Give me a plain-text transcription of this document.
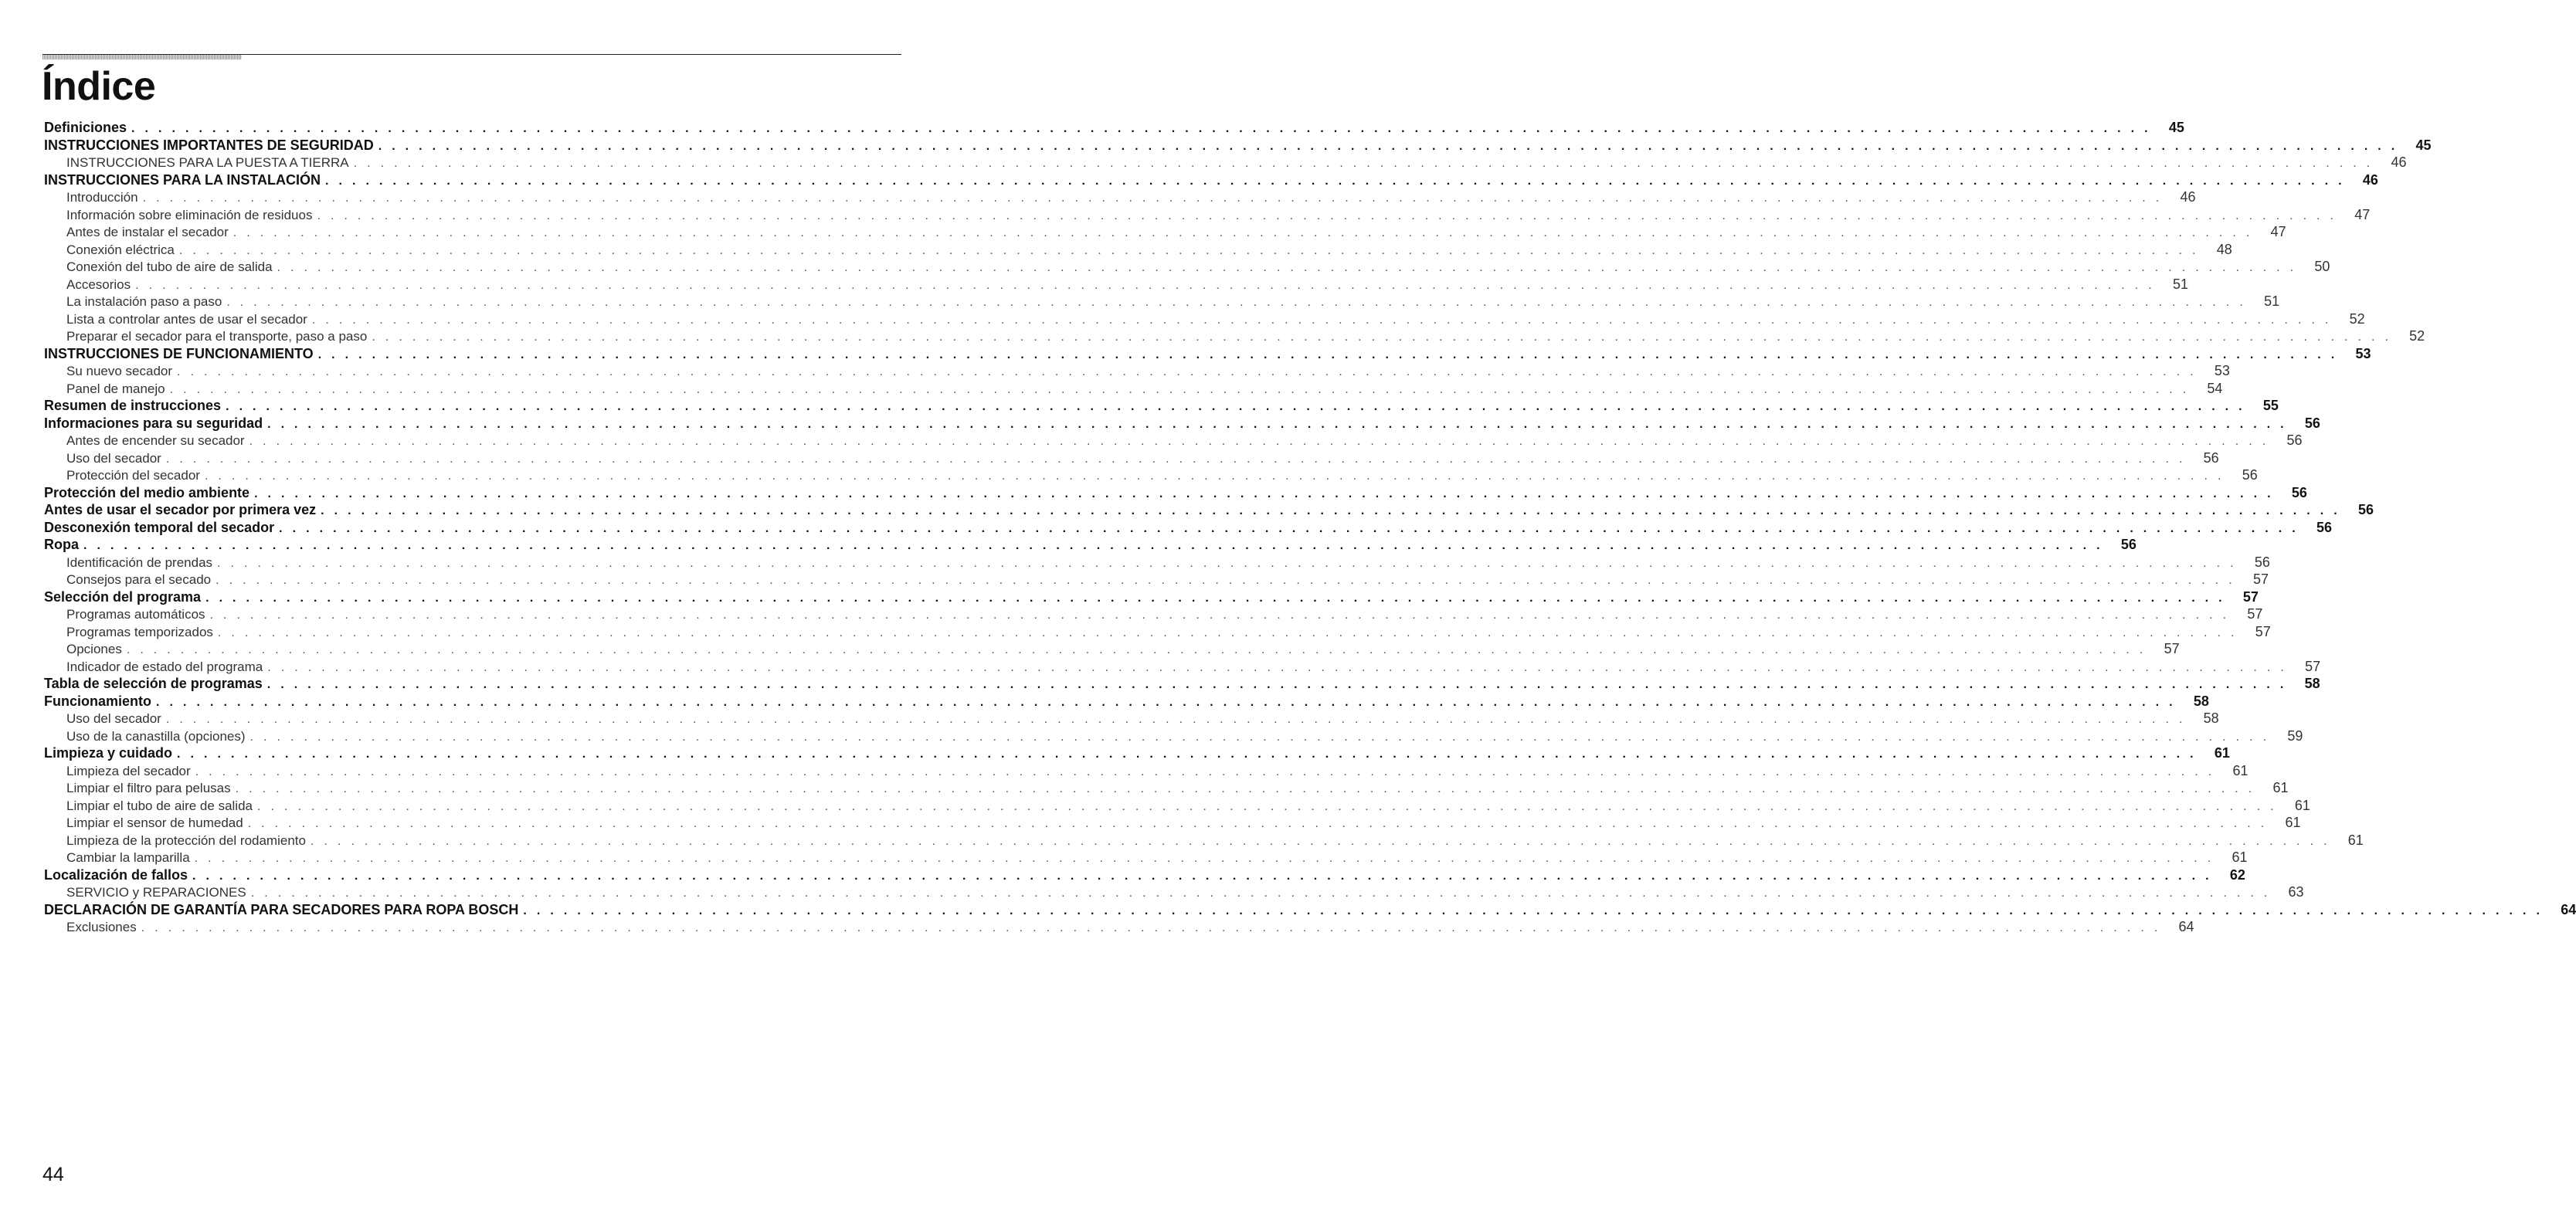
Índice
Definiciones . . . . . . . . . . . . . . . . . . . . . . . . . . . . . . . . . . . . . . . . . . . . . . . . . . . . . . . . . . . . . . . . . . . . . . . . . . . . . . . . . . . . . . . . . . . . . . . . . . . . . . . . . . . . . . . . . . . . . . . . . . . . . . . . . . . . . . . . . . . . . . . . . . . . . .	45
INSTRUCCIONES IMPORTANTES DE SEGURIDAD . . . . . . . . . . . . . . . . . . . . . . . . . . . . . . . . . . . . . . . . . . . . . . . . . . . . . . . . . . . . . . . . . . . . . . . . . . . . . . . . . . . . . . . . . . . . . . . . . . . . . . . . . . . . . . . . . . . . . . . . . . . . . . . . . . . . . . . . . . . . . . . . . . . . . .	45
INSTRUCCIONES PARA LA PUESTA A TIERRA . . . . . . . . . . . . . . . . . . . . . . . . . . . . . . . . . . . . . . . . . . . . . . . . . . . . . . . . . . . . . . . . . . . . . . . . . . . . . . . . . . . . . . . . . . . . . . . . . . . . . . . . . . . . . . . . . . . . . . . . . . . . . . . . . . . . . . . . . . . . . . . . . . . . . .	46
INSTRUCCIONES PARA LA INSTALACIÓN . . . . . . . . . . . . . . . . . . . . . . . . . . . . . . . . . . . . . . . . . . . . . . . . . . . . . . . . . . . . . . . . . . . . . . . . . . . . . . . . . . . . . . . . . . . . . . . . . . . . . . . . . . . . . . . . . . . . . . . . . . . . . . . . . . . . . . . . . . . . . . . . . . . . . .	46
Introducción . . . . . . . . . . . . . . . . . . . . . . . . . . . . . . . . . . . . . . . . . . . . . . . . . . . . . . . . . . . . . . . . . . . . . . . . . . . . . . . . . . . . . . . . . . . . . . . . . . . . . . . . . . . . . . . . . . . . . . . . . . . . . . . . . . . . . . . . . . . . . . . . . . . . . .	46
Información sobre eliminación de residuos . . . . . . . . . . . . . . . . . . . . . . . . . . . . . . . . . . . . . . . . . . . . . . . . . . . . . . . . . . . . . . . . . . . . . . . . . . . . . . . . . . . . . . . . . . . . . . . . . . . . . . . . . . . . . . . . . . . . . . . . . . . . . . . . . . . . . . . . . . . . . . . . . . . . . .	47
Antes de instalar el secador . . . . . . . . . . . . . . . . . . . . . . . . . . . . . . . . . . . . . . . . . . . . . . . . . . . . . . . . . . . . . . . . . . . . . . . . . . . . . . . . . . . . . . . . . . . . . . . . . . . . . . . . . . . . . . . . . . . . . . . . . . . . . . . . . . . . . . . . . . . . . . . . . . . . . .	47
Conexión eléctrica . . . . . . . . . . . . . . . . . . . . . . . . . . . . . . . . . . . . . . . . . . . . . . . . . . . . . . . . . . . . . . . . . . . . . . . . . . . . . . . . . . . . . . . . . . . . . . . . . . . . . . . . . . . . . . . . . . . . . . . . . . . . . . . . . . . . . . . . . . . . . . . . . . . . . .	48
Conexión del tubo de aire de salida . . . . . . . . . . . . . . . . . . . . . . . . . . . . . . . . . . . . . . . . . . . . . . . . . . . . . . . . . . . . . . . . . . . . . . . . . . . . . . . . . . . . . . . . . . . . . . . . . . . . . . . . . . . . . . . . . . . . . . . . . . . . . . . . . . . . . . . . . . . . . . . . . . . . . .	50
Accesorios . . . . . . . . . . . . . . . . . . . . . . . . . . . . . . . . . . . . . . . . . . . . . . . . . . . . . . . . . . . . . . . . . . . . . . . . . . . . . . . . . . . . . . . . . . . . . . . . . . . . . . . . . . . . . . . . . . . . . . . . . . . . . . . . . . . . . . . . . . . . . . . . . . . . . .	51
La instalación paso a paso . . . . . . . . . . . . . . . . . . . . . . . . . . . . . . . . . . . . . . . . . . . . . . . . . . . . . . . . . . . . . . . . . . . . . . . . . . . . . . . . . . . . . . . . . . . . . . . . . . . . . . . . . . . . . . . . . . . . . . . . . . . . . . . . . . . . . . . . . . . . . . . . . . . . . .	51
Lista a controlar antes de usar el secador . . . . . . . . . . . . . . . . . . . . . . . . . . . . . . . . . . . . . . . . . . . . . . . . . . . . . . . . . . . . . . . . . . . . . . . . . . . . . . . . . . . . . . . . . . . . . . . . . . . . . . . . . . . . . . . . . . . . . . . . . . . . . . . . . . . . . . . . . . . . . . . . . . . . . .	52
Preparar el secador para el transporte, paso a paso . . . . . . . . . . . . . . . . . . . . . . . . . . . . . . . . . . . . . . . . . . . . . . . . . . . . . . . . . . . . . . . . . . . . . . . . . . . . . . . . . . . . . . . . . . . . . . . . . . . . . . . . . . . . . . . . . . . . . . . . . . . . . . . . . . . . . . . . . . . . . . . . . . . . . .	52
INSTRUCCIONES DE FUNCIONAMIENTO . . . . . . . . . . . . . . . . . . . . . . . . . . . . . . . . . . . . . . . . . . . . . . . . . . . . . . . . . . . . . . . . . . . . . . . . . . . . . . . . . . . . . . . . . . . . . . . . . . . . . . . . . . . . . . . . . . . . . . . . . . . . . . . . . . . . . . . . . . . . . . . . . . . . . .	53
Su nuevo secador . . . . . . . . . . . . . . . . . . . . . . . . . . . . . . . . . . . . . . . . . . . . . . . . . . . . . . . . . . . . . . . . . . . . . . . . . . . . . . . . . . . . . . . . . . . . . . . . . . . . . . . . . . . . . . . . . . . . . . . . . . . . . . . . . . . . . . . . . . . . . . . . . . . . . .	53
Panel de manejo . . . . . . . . . . . . . . . . . . . . . . . . . . . . . . . . . . . . . . . . . . . . . . . . . . . . . . . . . . . . . . . . . . . . . . . . . . . . . . . . . . . . . . . . . . . . . . . . . . . . . . . . . . . . . . . . . . . . . . . . . . . . . . . . . . . . . . . . . . . . . . . . . . . . . .	54
Resumen de instrucciones . . . . . . . . . . . . . . . . . . . . . . . . . . . . . . . . . . . . . . . . . . . . . . . . . . . . . . . . . . . . . . . . . . . . . . . . . . . . . . . . . . . . . . . . . . . . . . . . . . . . . . . . . . . . . . . . . . . . . . . . . . . . . . . . . . . . . . . . . . . . . . . . . . . . . .	55
Informaciones para su seguridad . . . . . . . . . . . . . . . . . . . . . . . . . . . . . . . . . . . . . . . . . . . . . . . . . . . . . . . . . . . . . . . . . . . . . . . . . . . . . . . . . . . . . . . . . . . . . . . . . . . . . . . . . . . . . . . . . . . . . . . . . . . . . . . . . . . . . . . . . . . . . . . . . . . . . .	56
Antes de encender su secador . . . . . . . . . . . . . . . . . . . . . . . . . . . . . . . . . . . . . . . . . . . . . . . . . . . . . . . . . . . . . . . . . . . . . . . . . . . . . . . . . . . . . . . . . . . . . . . . . . . . . . . . . . . . . . . . . . . . . . . . . . . . . . . . . . . . . . . . . . . . . . . . . . . . . .	56
Uso del secador . . . . . . . . . . . . . . . . . . . . . . . . . . . . . . . . . . . . . . . . . . . . . . . . . . . . . . . . . . . . . . . . . . . . . . . . . . . . . . . . . . . . . . . . . . . . . . . . . . . . . . . . . . . . . . . . . . . . . . . . . . . . . . . . . . . . . . . . . . . . . . . . . . . . . .	56
Protección del secador . . . . . . . . . . . . . . . . . . . . . . . . . . . . . . . . . . . . . . . . . . . . . . . . . . . . . . . . . . . . . . . . . . . . . . . . . . . . . . . . . . . . . . . . . . . . . . . . . . . . . . . . . . . . . . . . . . . . . . . . . . . . . . . . . . . . . . . . . . . . . . . . . . . . . .	56
Protección del medio ambiente . . . . . . . . . . . . . . . . . . . . . . . . . . . . . . . . . . . . . . . . . . . . . . . . . . . . . . . . . . . . . . . . . . . . . . . . . . . . . . . . . . . . . . . . . . . . . . . . . . . . . . . . . . . . . . . . . . . . . . . . . . . . . . . . . . . . . . . . . . . . . . . . . . . . . .	56
Antes de usar el secador por primera vez . . . . . . . . . . . . . . . . . . . . . . . . . . . . . . . . . . . . . . . . . . . . . . . . . . . . . . . . . . . . . . . . . . . . . . . . . . . . . . . . . . . . . . . . . . . . . . . . . . . . . . . . . . . . . . . . . . . . . . . . . . . . . . . . . . . . . . . . . . . . . . . . . . . . . .	56
Desconexión temporal del secador . . . . . . . . . . . . . . . . . . . . . . . . . . . . . . . . . . . . . . . . . . . . . . . . . . . . . . . . . . . . . . . . . . . . . . . . . . . . . . . . . . . . . . . . . . . . . . . . . . . . . . . . . . . . . . . . . . . . . . . . . . . . . . . . . . . . . . . . . . . . . . . . . . . . . .	56
Ropa . . . . . . . . . . . . . . . . . . . . . . . . . . . . . . . . . . . . . . . . . . . . . . . . . . . . . . . . . . . . . . . . . . . . . . . . . . . . . . . . . . . . . . . . . . . . . . . . . . . . . . . . . . . . . . . . . . . . . . . . . . . . . . . . . . . . . . . . . . . . . . . . . . . . . .	56
Identificación de prendas . . . . . . . . . . . . . . . . . . . . . . . . . . . . . . . . . . . . . . . . . . . . . . . . . . . . . . . . . . . . . . . . . . . . . . . . . . . . . . . . . . . . . . . . . . . . . . . . . . . . . . . . . . . . . . . . . . . . . . . . . . . . . . . . . . . . . . . . . . . . . . . . . . . . . .	56
Consejos para el secado . . . . . . . . . . . . . . . . . . . . . . . . . . . . . . . . . . . . . . . . . . . . . . . . . . . . . . . . . . . . . . . . . . . . . . . . . . . . . . . . . . . . . . . . . . . . . . . . . . . . . . . . . . . . . . . . . . . . . . . . . . . . . . . . . . . . . . . . . . . . . . . . . . . . . .	57
Selección del programa . . . . . . . . . . . . . . . . . . . . . . . . . . . . . . . . . . . . . . . . . . . . . . . . . . . . . . . . . . . . . . . . . . . . . . . . . . . . . . . . . . . . . . . . . . . . . . . . . . . . . . . . . . . . . . . . . . . . . . . . . . . . . . . . . . . . . . . . . . . . . . . . . . . . . .	57
Programas automáticos . . . . . . . . . . . . . . . . . . . . . . . . . . . . . . . . . . . . . . . . . . . . . . . . . . . . . . . . . . . . . . . . . . . . . . . . . . . . . . . . . . . . . . . . . . . . . . . . . . . . . . . . . . . . . . . . . . . . . . . . . . . . . . . . . . . . . . . . . . . . . . . . . . . . . .	57
Programas temporizados . . . . . . . . . . . . . . . . . . . . . . . . . . . . . . . . . . . . . . . . . . . . . . . . . . . . . . . . . . . . . . . . . . . . . . . . . . . . . . . . . . . . . . . . . . . . . . . . . . . . . . . . . . . . . . . . . . . . . . . . . . . . . . . . . . . . . . . . . . . . . . . . . . . . . .	57
Opciones . . . . . . . . . . . . . . . . . . . . . . . . . . . . . . . . . . . . . . . . . . . . . . . . . . . . . . . . . . . . . . . . . . . . . . . . . . . . . . . . . . . . . . . . . . . . . . . . . . . . . . . . . . . . . . . . . . . . . . . . . . . . . . . . . . . . . . . . . . . . . . . . . . . . . .	57
Indicador de estado del programa . . . . . . . . . . . . . . . . . . . . . . . . . . . . . . . . . . . . . . . . . . . . . . . . . . . . . . . . . . . . . . . . . . . . . . . . . . . . . . . . . . . . . . . . . . . . . . . . . . . . . . . . . . . . . . . . . . . . . . . . . . . . . . . . . . . . . . . . . . . . . . . . . . . . . .	57
Tabla de selección de programas . . . . . . . . . . . . . . . . . . . . . . . . . . . . . . . . . . . . . . . . . . . . . . . . . . . . . . . . . . . . . . . . . . . . . . . . . . . . . . . . . . . . . . . . . . . . . . . . . . . . . . . . . . . . . . . . . . . . . . . . . . . . . . . . . . . . . . . . . . . . . . . . . . . . . .	58
Funcionamiento . . . . . . . . . . . . . . . . . . . . . . . . . . . . . . . . . . . . . . . . . . . . . . . . . . . . . . . . . . . . . . . . . . . . . . . . . . . . . . . . . . . . . . . . . . . . . . . . . . . . . . . . . . . . . . . . . . . . . . . . . . . . . . . . . . . . . . . . . . . . . . . . . . . . . .	58
Uso del secador . . . . . . . . . . . . . . . . . . . . . . . . . . . . . . . . . . . . . . . . . . . . . . . . . . . . . . . . . . . . . . . . . . . . . . . . . . . . . . . . . . . . . . . . . . . . . . . . . . . . . . . . . . . . . . . . . . . . . . . . . . . . . . . . . . . . . . . . . . . . . . . . . . . . . .	58
Uso de la canastilla (opciones) . . . . . . . . . . . . . . . . . . . . . . . . . . . . . . . . . . . . . . . . . . . . . . . . . . . . . . . . . . . . . . . . . . . . . . . . . . . . . . . . . . . . . . . . . . . . . . . . . . . . . . . . . . . . . . . . . . . . . . . . . . . . . . . . . . . . . . . . . . . . . . . . . . . . . .	59
Limpieza y cuidado . . . . . . . . . . . . . . . . . . . . . . . . . . . . . . . . . . . . . . . . . . . . . . . . . . . . . . . . . . . . . . . . . . . . . . . . . . . . . . . . . . . . . . . . . . . . . . . . . . . . . . . . . . . . . . . . . . . . . . . . . . . . . . . . . . . . . . . . . . . . . . . . . . . . . .	61
Limpieza del secador . . . . . . . . . . . . . . . . . . . . . . . . . . . . . . . . . . . . . . . . . . . . . . . . . . . . . . . . . . . . . . . . . . . . . . . . . . . . . . . . . . . . . . . . . . . . . . . . . . . . . . . . . . . . . . . . . . . . . . . . . . . . . . . . . . . . . . . . . . . . . . . . . . . . . .	61
Limpiar el filtro para pelusas . . . . . . . . . . . . . . . . . . . . . . . . . . . . . . . . . . . . . . . . . . . . . . . . . . . . . . . . . . . . . . . . . . . . . . . . . . . . . . . . . . . . . . . . . . . . . . . . . . . . . . . . . . . . . . . . . . . . . . . . . . . . . . . . . . . . . . . . . . . . . . . . . . . . . .	61
Limpiar el tubo de aire de salida . . . . . . . . . . . . . . . . . . . . . . . . . . . . . . . . . . . . . . . . . . . . . . . . . . . . . . . . . . . . . . . . . . . . . . . . . . . . . . . . . . . . . . . . . . . . . . . . . . . . . . . . . . . . . . . . . . . . . . . . . . . . . . . . . . . . . . . . . . . . . . . . . . . . . .	61
Limpiar el sensor de humedad . . . . . . . . . . . . . . . . . . . . . . . . . . . . . . . . . . . . . . . . . . . . . . . . . . . . . . . . . . . . . . . . . . . . . . . . . . . . . . . . . . . . . . . . . . . . . . . . . . . . . . . . . . . . . . . . . . . . . . . . . . . . . . . . . . . . . . . . . . . . . . . . . . . . . .	61
Limpieza de la protección del rodamiento . . . . . . . . . . . . . . . . . . . . . . . . . . . . . . . . . . . . . . . . . . . . . . . . . . . . . . . . . . . . . . . . . . . . . . . . . . . . . . . . . . . . . . . . . . . . . . . . . . . . . . . . . . . . . . . . . . . . . . . . . . . . . . . . . . . . . . . . . . . . . . . . . . . . . .	61
Cambiar la lamparilla . . . . . . . . . . . . . . . . . . . . . . . . . . . . . . . . . . . . . . . . . . . . . . . . . . . . . . . . . . . . . . . . . . . . . . . . . . . . . . . . . . . . . . . . . . . . . . . . . . . . . . . . . . . . . . . . . . . . . . . . . . . . . . . . . . . . . . . . . . . . . . . . . . . . . .	61
Localización de fallos . . . . . . . . . . . . . . . . . . . . . . . . . . . . . . . . . . . . . . . . . . . . . . . . . . . . . . . . . . . . . . . . . . . . . . . . . . . . . . . . . . . . . . . . . . . . . . . . . . . . . . . . . . . . . . . . . . . . . . . . . . . . . . . . . . . . . . . . . . . . . . . . . . . . . .	62
SERVICIO y REPARACIONES . . . . . . . . . . . . . . . . . . . . . . . . . . . . . . . . . . . . . . . . . . . . . . . . . . . . . . . . . . . . . . . . . . . . . . . . . . . . . . . . . . . . . . . . . . . . . . . . . . . . . . . . . . . . . . . . . . . . . . . . . . . . . . . . . . . . . . . . . . . . . . . . . . . . . .	63
DECLARACIÓN DE GARANTÍA PARA SECADORES PARA ROPA BOSCH . . . . . . . . . . . . . . . . . . . . . . . . . . . . . . . . . . . . . . . . . . . . . . . . . . . . . . . . . . . . . . . . . . . . . . . . . . . . . . . . . . . . . . . . . . . . . . . . . . . . . . . . . . . . . . . . . . . . . . . . . . . . . . . . . . . . . . . . . . . . . . . . . . . . . .	64
Exclusiones . . . . . . . . . . . . . . . . . . . . . . . . . . . . . . . . . . . . . . . . . . . . . . . . . . . . . . . . . . . . . . . . . . . . . . . . . . . . . . . . . . . . . . . . . . . . . . . . . . . . . . . . . . . . . . . . . . . . . . . . . . . . . . . . . . . . . . . . . . . . . . . . . . . . . .	64
44
